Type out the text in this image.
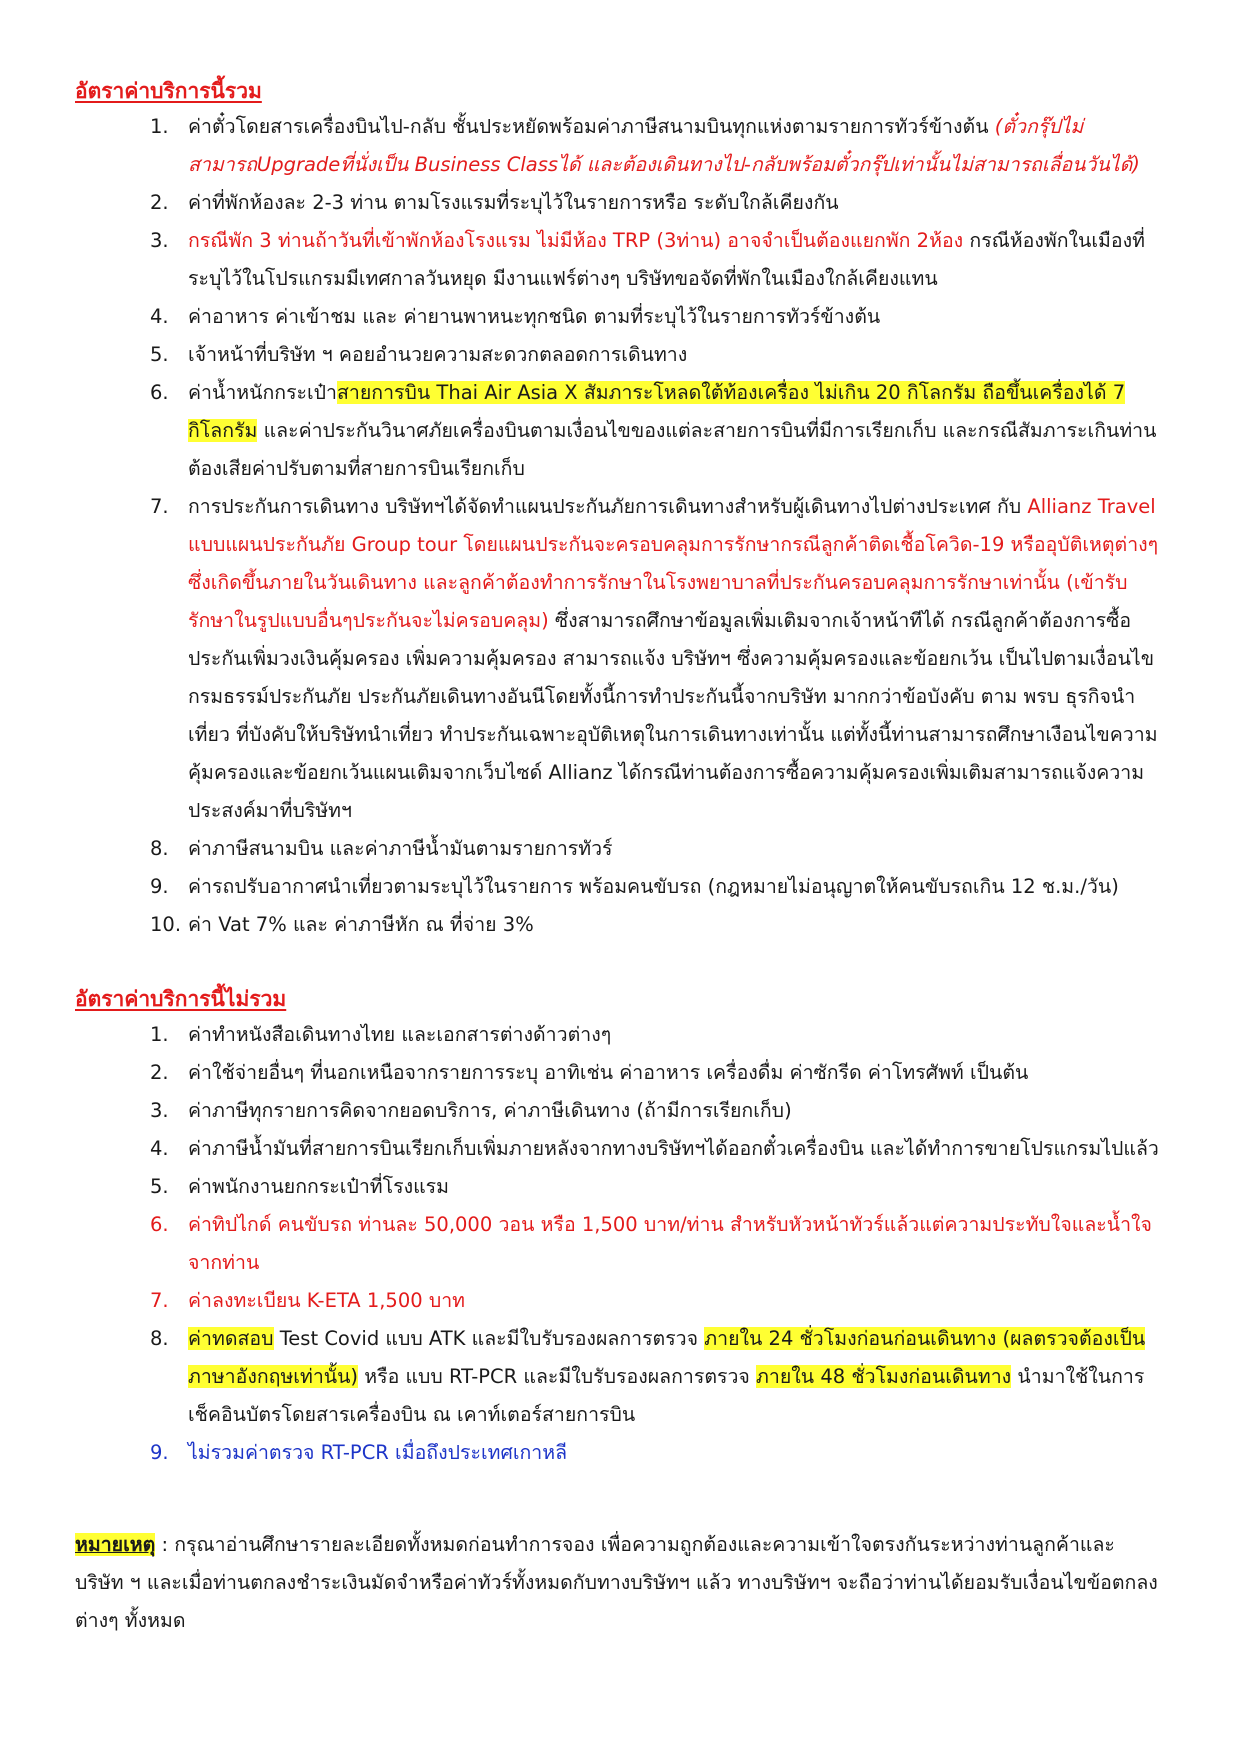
อัตราค่าบริการนี้รวม
1. ค่าตั๋วโดยสารเครื่องบินไป-กลับ ชั้นประหยัดพร้อมค่าภาษีสนามบินทุกแห่งตามรายการทัวร์ข้างต้น (ตั๋วกรุ๊ปไม่สามารถUpgradeที่นั่งเป็น Business Classได้ และต้องเดินทางไป-กลับพร้อมตั๋วกรุ๊ปเท่านั้นไม่สามารถเลื่อนวันได้)
2. ค่าที่พักห้องละ 2-3 ท่าน ตามโรงแรมที่ระบุไว้ในรายการหรือ ระดับใกล้เคียงกัน
3. กรณีพัก 3 ท่านถ้าวันที่เข้าพักห้องโรงแรม ไม่มีห้อง TRP (3ท่าน) อาจจำเป็นต้องแยกพัก 2ห้อง กรณีห้องพักในเมืองที่ระบุไว้ในโปรแกรมมีเทศกาลวันหยุด มีงานแฟร์ต่างๆ บริษัทขอจัดที่พักในเมืองใกล้เคียงแทน
4. ค่าอาหาร ค่าเข้าชม และ ค่ายานพาหนะทุกชนิด ตามที่ระบุไว้ในรายการทัวร์ข้างต้น
5. เจ้าหน้าที่บริษัท ฯ คอยอำนวยความสะดวกตลอดการเดินทาง
6. ค่าน้ำหนักกระเป๋าสายการบิน Thai Air Asia X สัมภาระโหลดใต้ท้องเครื่อง ไม่เกิน 20 กิโลกรัม ถือขึ้นเครื่องได้ 7 กิโลกรัม และค่าประกันวินาศภัยเครื่องบินตามเงื่อนไขของแต่ละสายการบินที่มีการเรียกเก็บ และกรณีสัมภาระเกินท่านต้องเสียค่าปรับตามที่สายการบินเรียกเก็บ
7. การประกันการเดินทาง บริษัทฯได้จัดทำแผนประกันภัยการเดินทางสำหรับผู้เดินทางไปต่างประเทศ กับ Allianz Travel แบบแผนประกันภัย Group tour โดยแผนประกันจะครอบคลุมการรักษากรณีลูกค้าติดเชื้อโควิด-19 หรืออุบัติเหตุต่างๆ ซึ่งเกิดขึ้นภายในวันเดินทาง และลูกค้าต้องทำการรักษาในโรงพยาบาลที่ประกันครอบคลุมการรักษาเท่านั้น (เข้ารับรักษาในรูปแบบอื่นๆประกันจะไม่ครอบคลุม) ซึ่งสามารถศึกษาข้อมูลเพิ่มเติมจากเจ้าหน้าทีได้ กรณีลูกค้าต้องการซื้อประกันเพิ่มวงเงินคุ้มครอง เพิ่มความคุ้มครอง สามารถแจ้ง บริษัทฯ ซึ่งความคุ้มครองและข้อยกเว้น เป็นไปตามเงื่อนไขกรมธรรม์ประกันภัย ประกันภัยเดินทางอันนีโดยทั้งนี้การทำประกันนี้จากบริษัท มากกว่าข้อบังคับ ตาม พรบ ธุรกิจนำเที่ยว ที่บังคับให้บริษัทนำเที่ยว ทำประกันเฉพาะอุบัติเหตุในการเดินทางเท่านั้น แต่ทั้งนี้ท่านสามารถศึกษาเงือนไขความคุ้มครองและข้อยกเว้นแผนเติมจากเว็บไซด์ Allianz ได้กรณีท่านต้องการซื้อความคุ้มครองเพิ่มเติมสามารถแจ้งความประสงค์มาที่บริษัทฯ
8. ค่าภาษีสนามบิน และค่าภาษีน้ำมันตามรายการทัวร์
9. ค่ารถปรับอากาศนำเที่ยวตามระบุไว้ในรายการ พร้อมคนขับรถ (กฎหมายไม่อนุญาตให้คนขับรถเกิน 12 ช.ม./วัน)
10. ค่า Vat 7% และ ค่าภาษีหัก ณ ที่จ่าย 3%
อัตราค่าบริการนี้ไม่รวม
1. ค่าทำหนังสือเดินทางไทย และเอกสารต่างด้าวต่างๆ
2. ค่าใช้จ่ายอื่นๆ ที่นอกเหนือจากรายการระบุ อาทิเช่น ค่าอาหาร เครื่องดื่ม ค่าซักรีด ค่าโทรศัพท์ เป็นต้น
3. ค่าภาษีทุกรายการคิดจากยอดบริการ, ค่าภาษีเดินทาง (ถ้ามีการเรียกเก็บ)
4. ค่าภาษีน้ำมันที่สายการบินเรียกเก็บเพิ่มภายหลังจากทางบริษัทฯได้ออกตั๋วเครื่องบิน และได้ทำการขายโปรแกรมไปแล้ว
5. ค่าพนักงานยกกระเป๋าที่โรงแรม
6. ค่าทิปไกด์ คนขับรถ ท่านละ 50,000 วอน หรือ 1,500 บาท/ท่าน สำหรับหัวหน้าทัวร์แล้วแต่ความประทับใจและน้ำใจจากท่าน
7. ค่าลงทะเบียน K-ETA 1,500 บาท
8. ค่าทดสอบ Test Covid แบบ ATK และมีใบรับรองผลการตรวจ ภายใน 24 ชั่วโมงก่อนก่อนเดินทาง (ผลตรวจต้องเป็นภาษาอังกฤษเท่านั้น) หรือ แบบ RT-PCR และมีใบรับรองผลการตรวจ ภายใน 48 ชั่วโมงก่อนเดินทาง นำมาใช้ในการเช็คอินบัตรโดยสารเครื่องบิน ณ เคาท์เตอร์สายการบิน
9. ไม่รวมค่าตรวจ RT-PCR เมื่อถึงประเทศเกาหลี

หมายเหตุ : กรุณาอ่านศึกษารายละเอียดทั้งหมดก่อนทำการจอง เพื่อความถูกต้องและความเข้าใจตรงกันระหว่างท่านลูกค้าและ บริษัท ฯ และเมื่อท่านตกลงชำระเงินมัดจำหรือค่าทัวร์ทั้งหมดกับทางบริษัทฯ แล้ว ทางบริษัทฯ จะถือว่าท่านได้ยอมรับเงื่อนไขข้อตกลงต่างๆ ทั้งหมด
